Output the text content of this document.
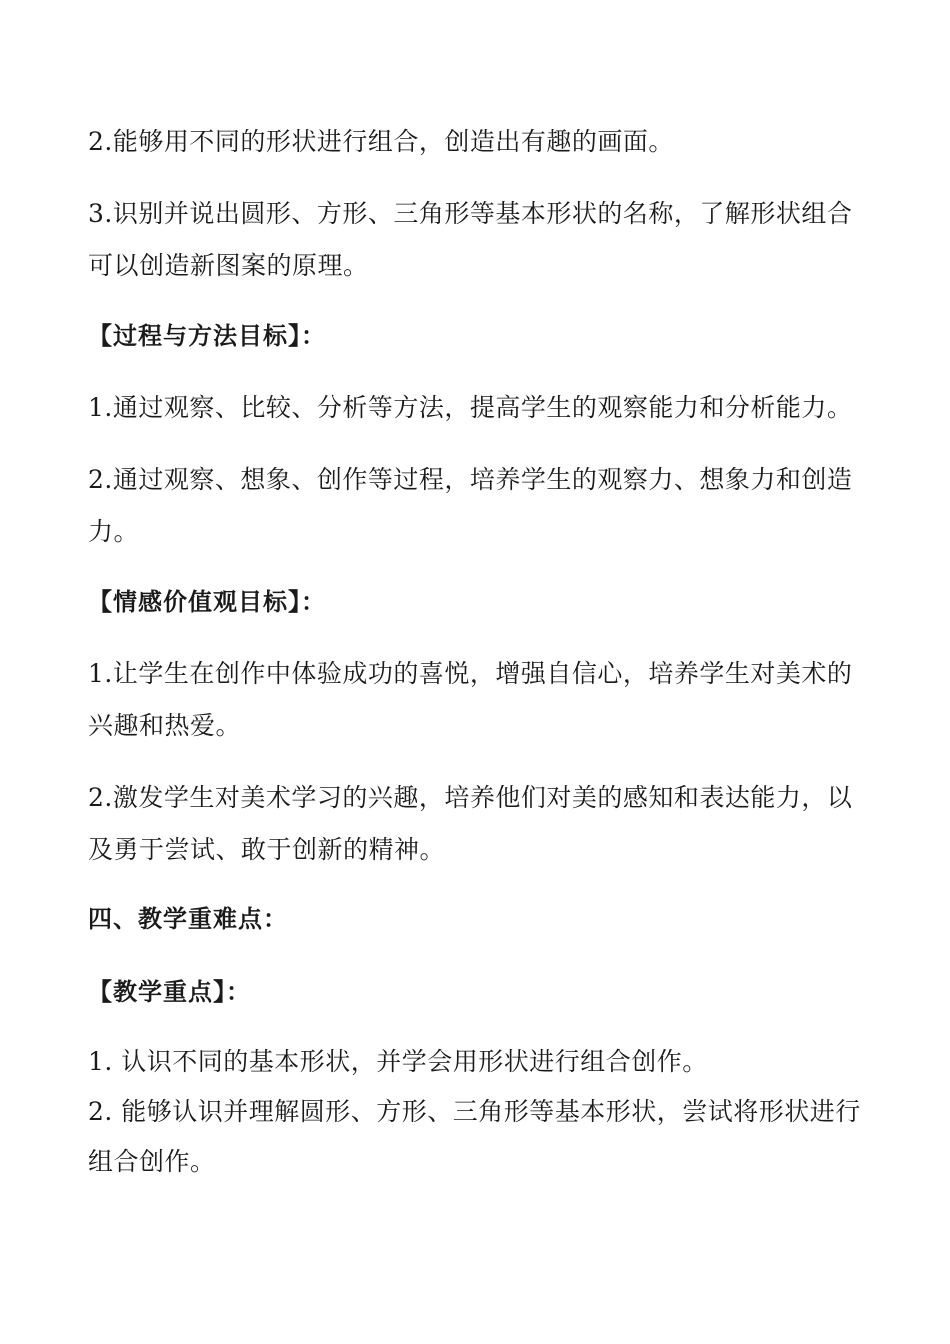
2.能够用不同的形状进行组合，创造出有趣的画面。
3.识别并说出圆形、方形、三角形等基本形状的名称，了解形状组合
可以创造新图案的原理。
【过程与方法目标】：
1.通过观察、比较、分析等方法，提高学生的观察能力和分析能力。
2.通过观察、想象、创作等过程，培养学生的观察力、想象力和创造
力。
【情感价值观目标】：
1.让学生在创作中体验成功的喜悦，增强自信心，培养学生对美术的
兴趣和热爱。
2.激发学生对美术学习的兴趣，培养他们对美的感知和表达能力，以
及勇于尝试、敢于创新的精神。
四、教学重难点：
【教学重点】：
1. 认识不同的基本形状，并学会用形状进行组合创作。
2. 能够认识并理解圆形、方形、三角形等基本形状，尝试将形状进行
组合创作。
